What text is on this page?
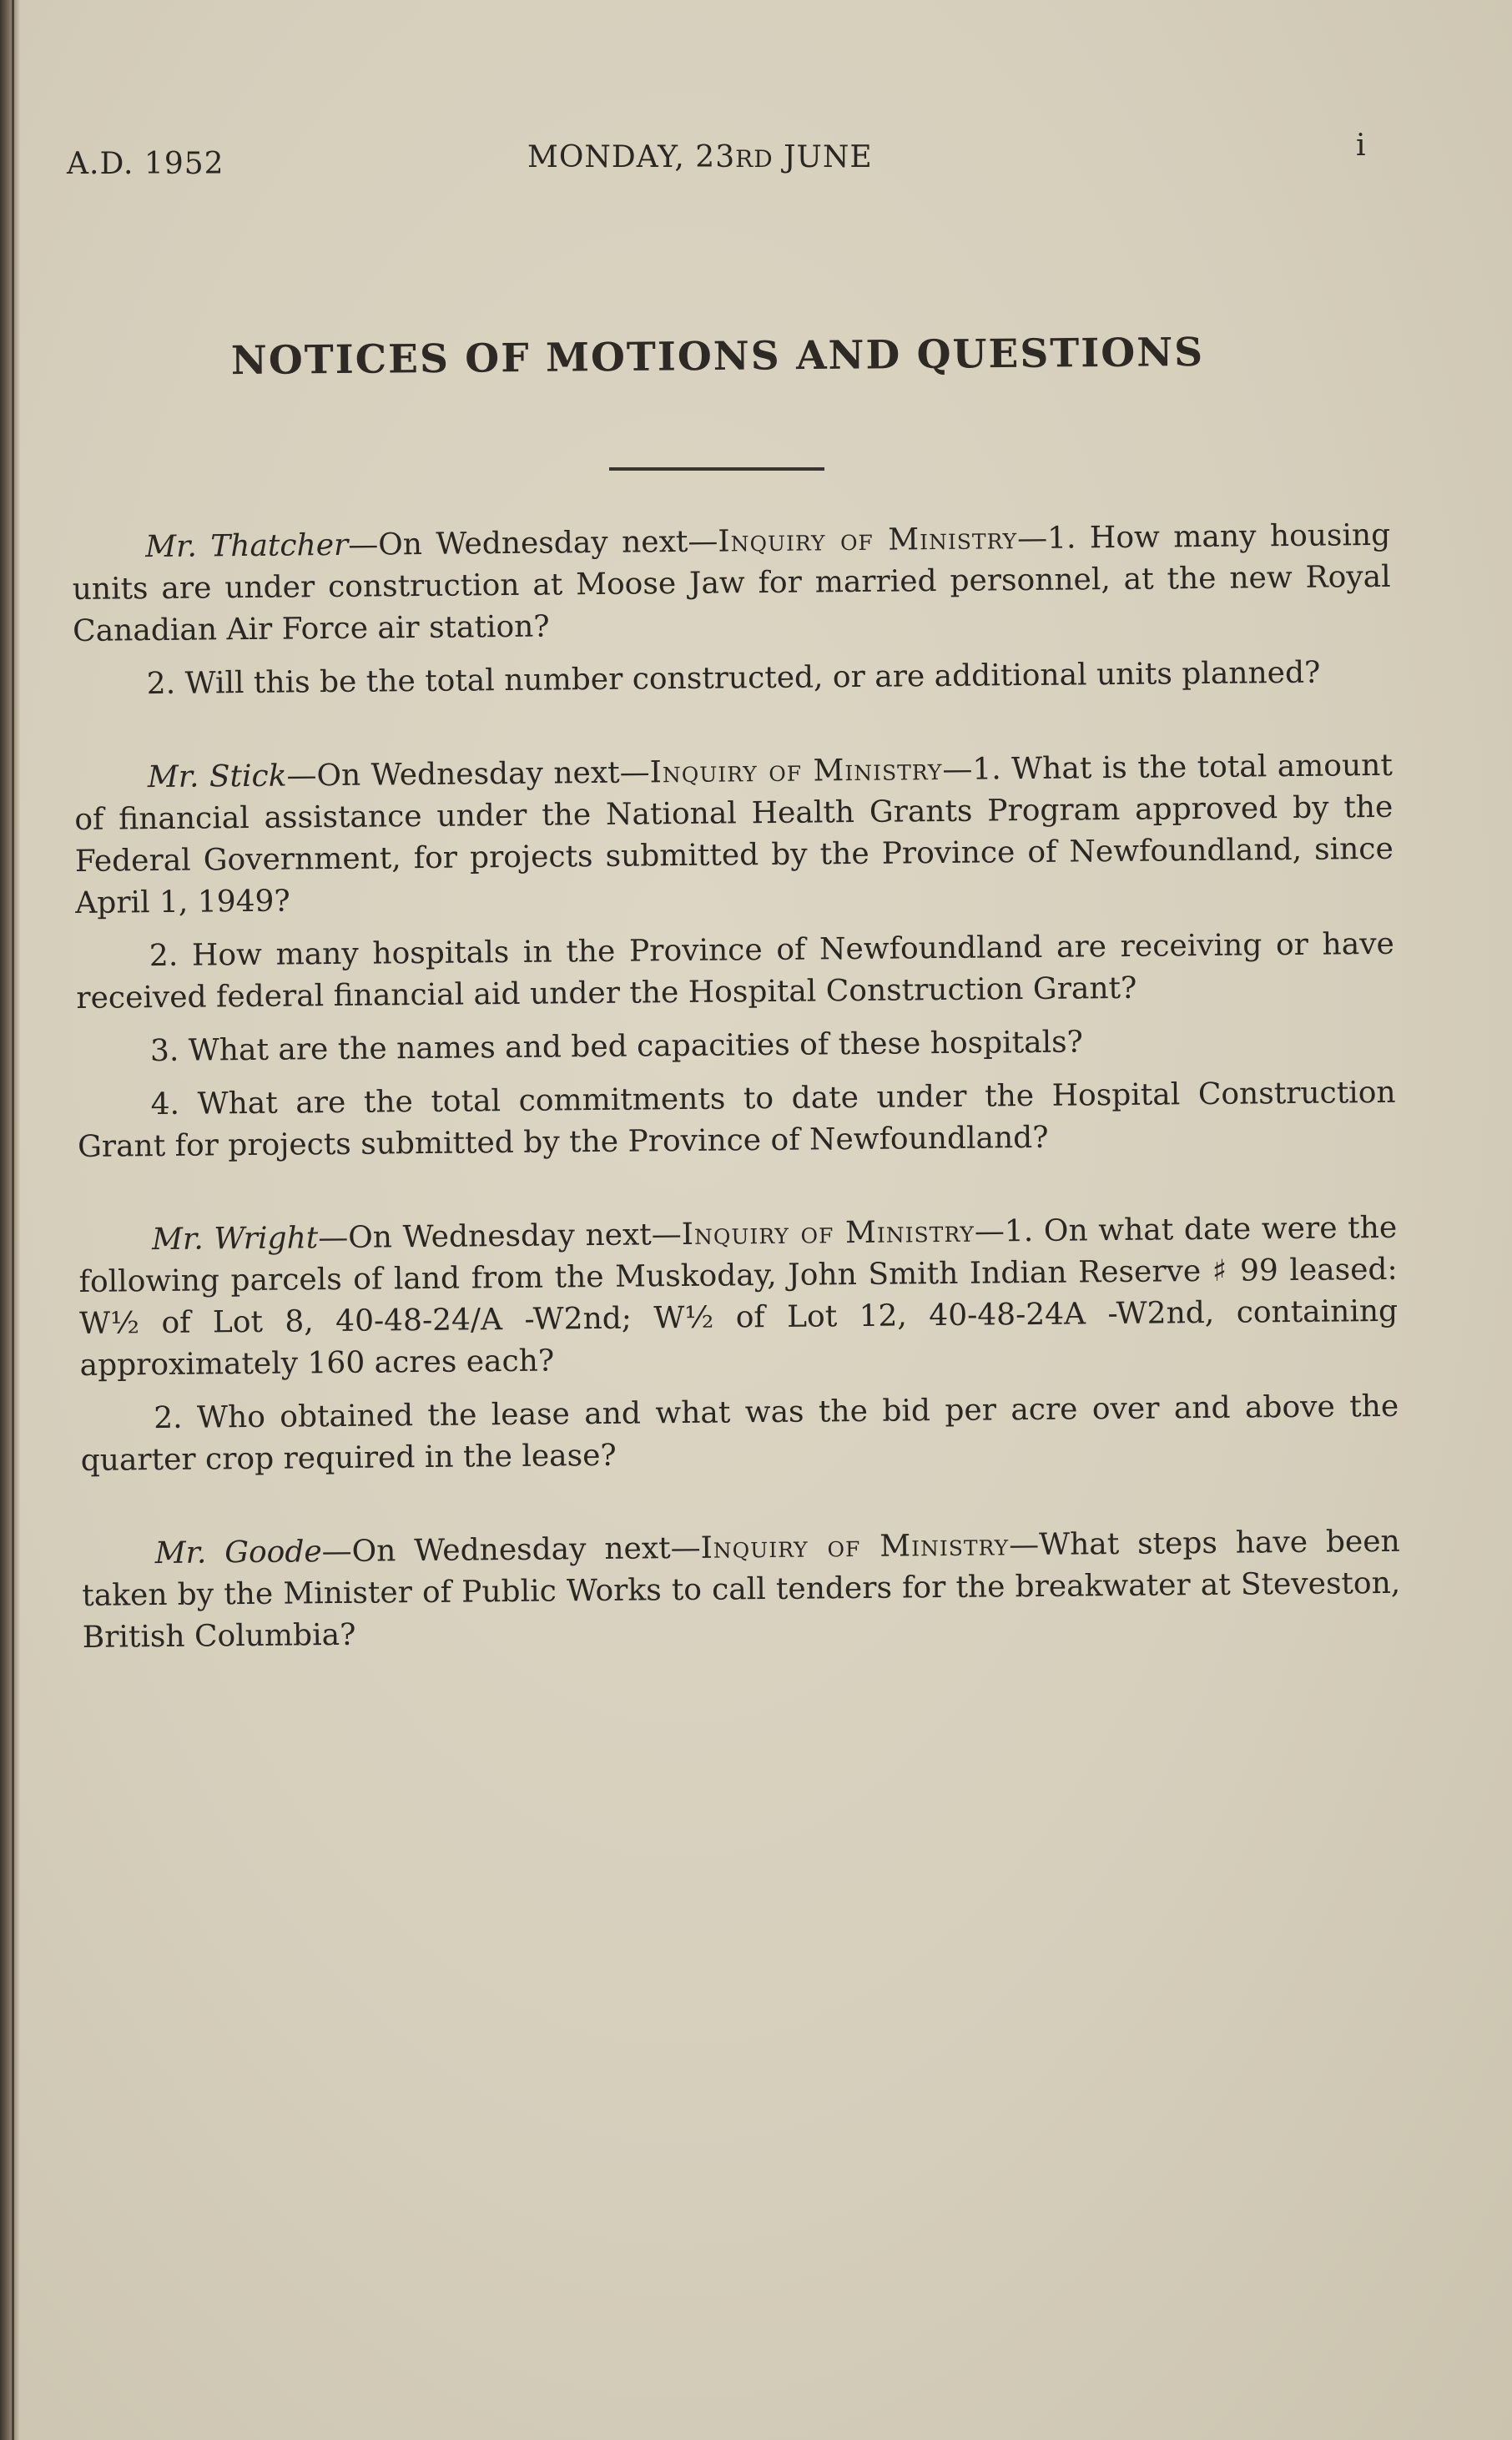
A.D. 1952	MONDAY, 23RD JUNE	i
NOTICES OF MOTIONS AND QUESTIONS

Mr. Thatcher—On Wednesday next—Inquiry of Ministry—1. How many housing units are under construction at Moose Jaw for married personnel, at the new Royal Canadian Air Force air station?

2. Will this be the total number constructed, or are additional units planned?

Mr. Stick—On Wednesday next—Inquiry of Ministry—1. What is the total amount of financial assistance under the National Health Grants Program approved by the Federal Government, for projects submitted by the Province of Newfoundland, since April 1, 1949?

2. How many hospitals in the Province of Newfoundland are receiving or have received federal financial aid under the Hospital Construction Grant?

3. What are the names and bed capacities of these hospitals?

4. What are the total commitments to date under the Hospital Construction Grant for projects submitted by the Province of Newfoundland?

Mr. Wright—On Wednesday next—Inquiry of Ministry—1. On what date were the following parcels of land from the Muskoday, John Smith Indian Reserve ♯ 99 leased: W½ of Lot 8, 40-48-24/A -W2nd; W½ of Lot 12, 40-48-24A -W2nd, containing approximately 160 acres each?

2. Who obtained the lease and what was the bid per acre over and above the quarter crop required in the lease?

Mr. Goode—On Wednesday next—Inquiry of Ministry—What steps have been taken by the Minister of Public Works to call tenders for the breakwater at Steveston, British Columbia?
